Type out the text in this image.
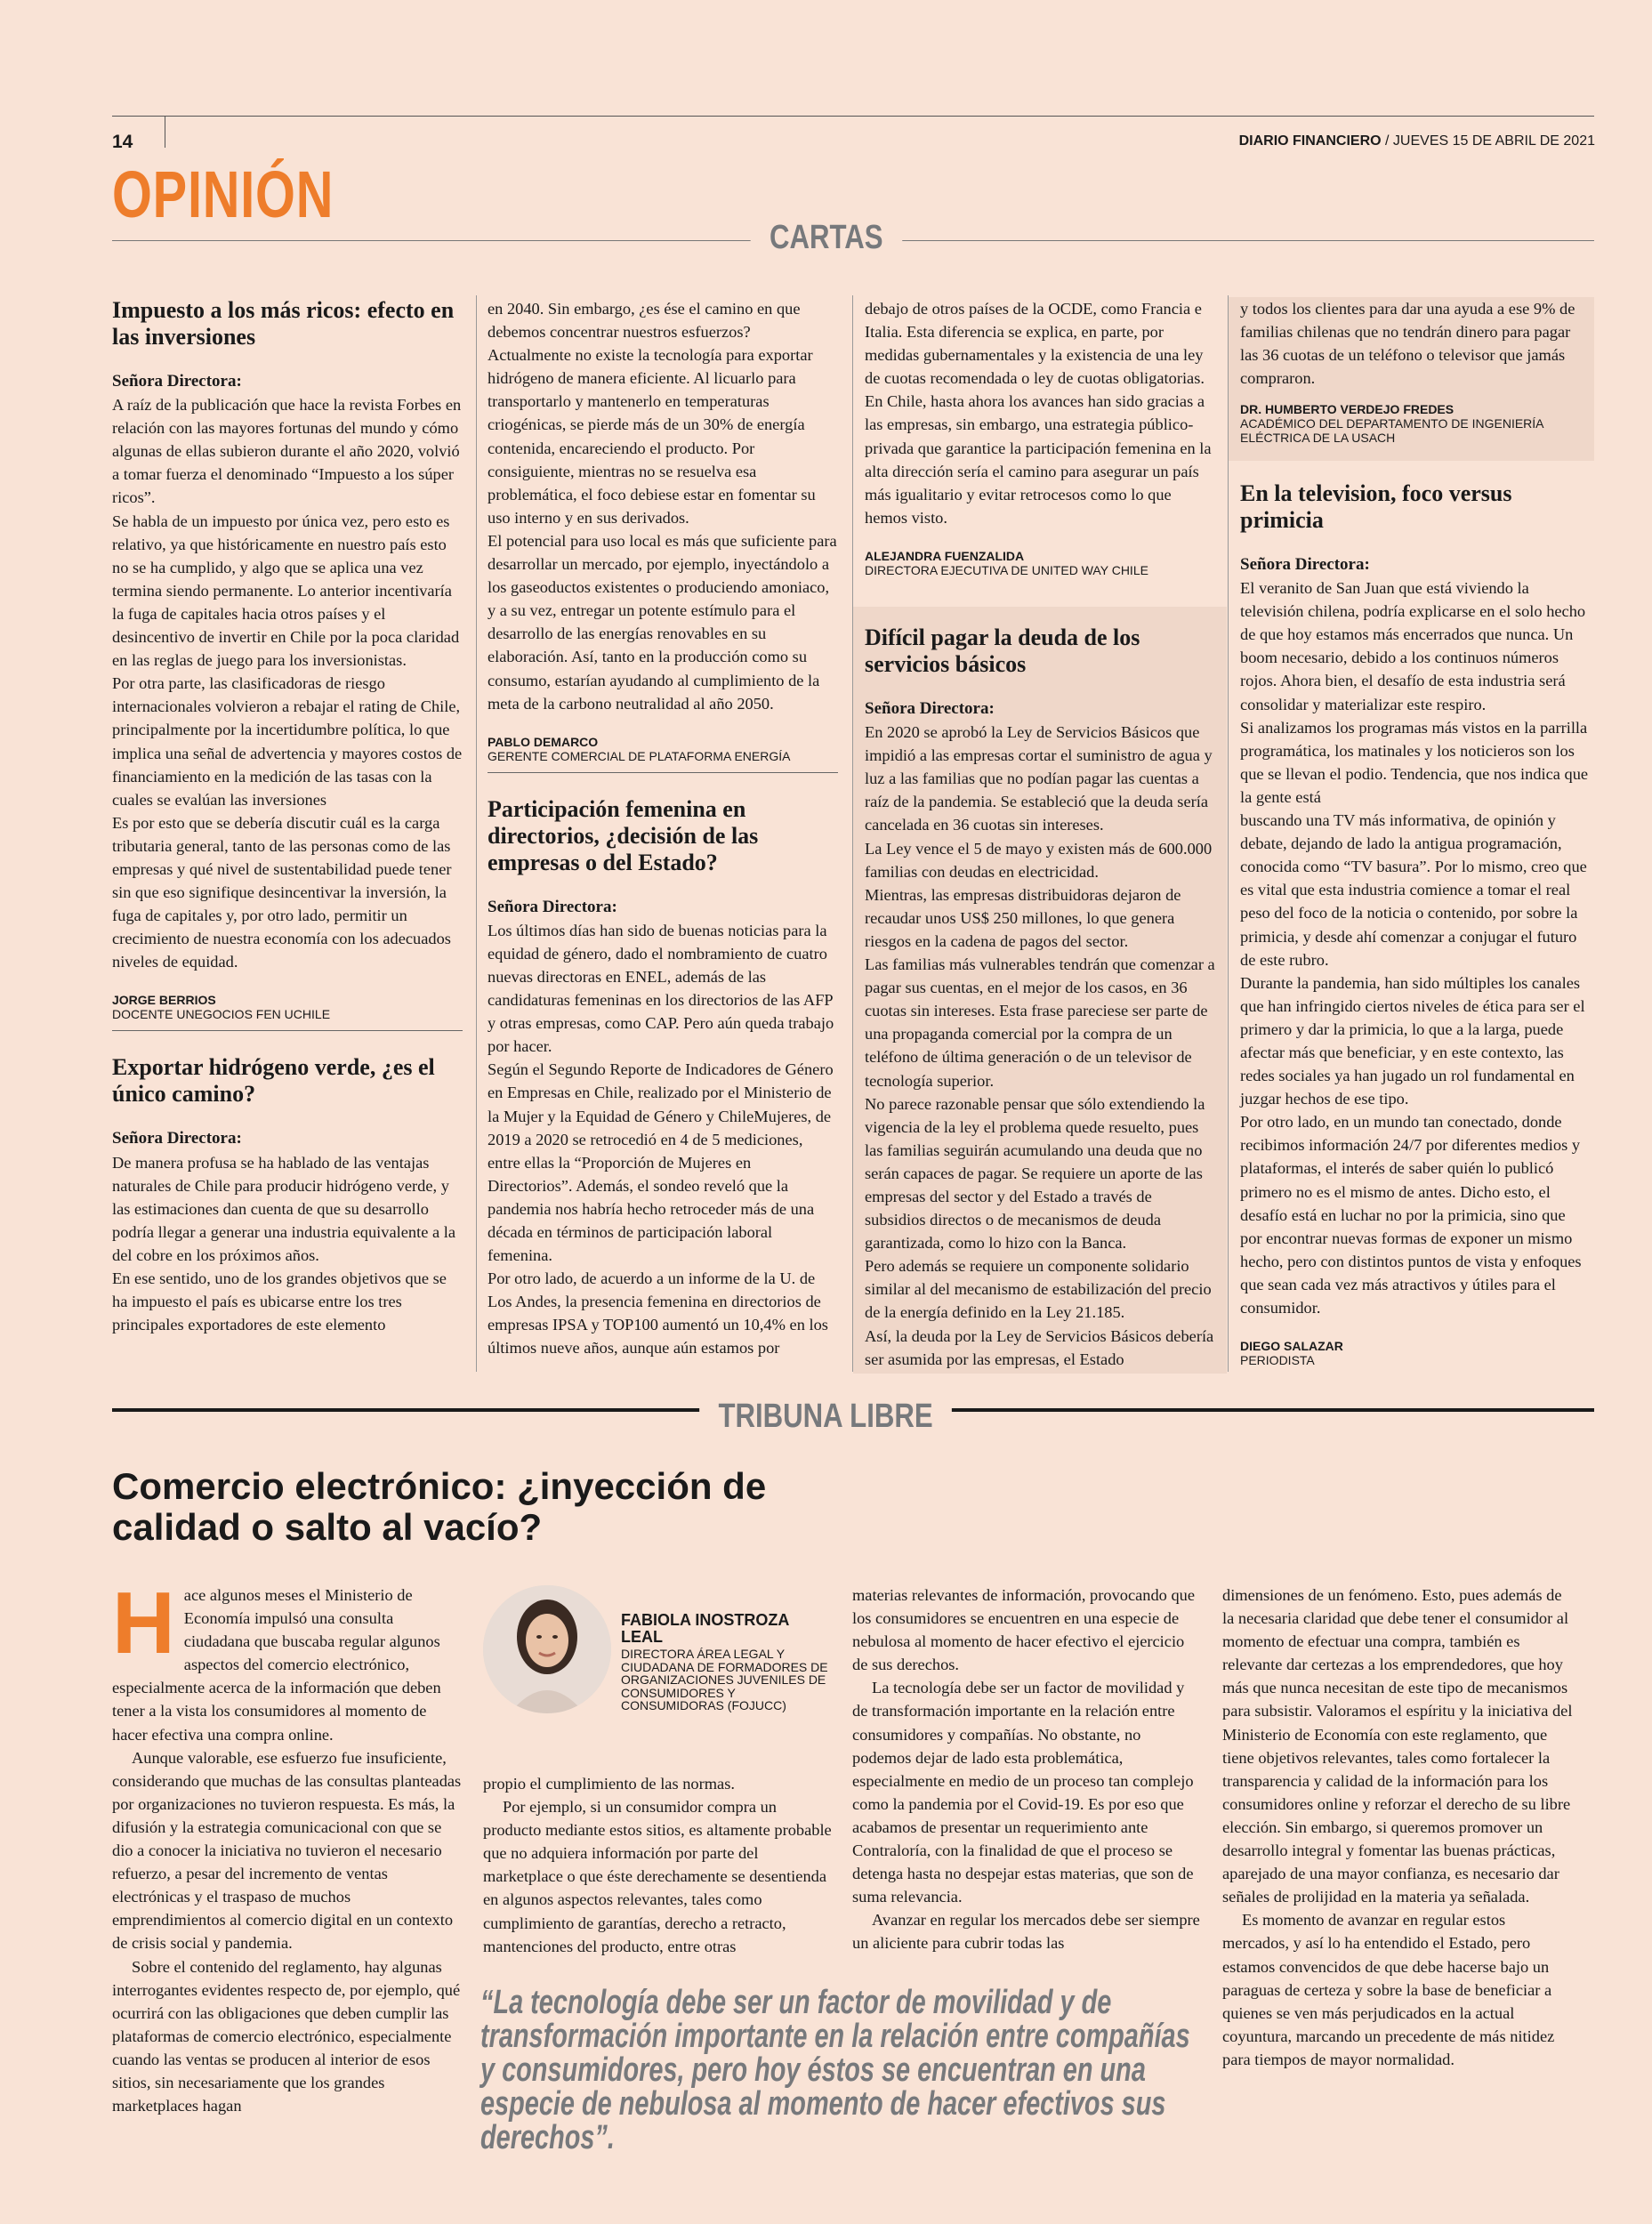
14	DIARIO FINANCIERO / JUEVES 15 DE ABRIL DE 2021
OPINIÓN
CARTAS
Impuesto a los más ricos: efecto en las inversiones
Señora Directora:

A raíz de la publicación que hace la revista Forbes en relación con las mayores fortunas del mundo y cómo algunas de ellas subieron durante el año 2020, volvió a tomar fuerza el denominado “Impuesto a los súper ricos”.

Se habla de un impuesto por única vez, pero esto es relativo, ya que históricamente en nuestro país esto no se ha cumplido, y algo que se aplica una vez termina siendo permanente. Lo anterior incentivaría la fuga de capitales hacia otros países y el desincentivo de invertir en Chile por la poca claridad en las reglas de juego para los inversionistas.

Por otra parte, las clasificadoras de riesgo internacionales volvieron a rebajar el rating de Chile, principalmente por la incertidumbre política, lo que implica una señal de advertencia y mayores costos de financiamiento en la medición de las tasas con la cuales se evalúan las inversiones

Es por esto que se debería discutir cuál es la carga tributaria general, tanto de las personas como de las empresas y qué nivel de sustentabilidad puede tener sin que eso signifique desincentivar la inversión, la fuga de capitales y, por otro lado, permitir un crecimiento de nuestra economía con los adecuados niveles de equidad.

JORGE BERRIOS
DOCENTE UNEGOCIOS FEN UCHILE
Exportar hidrógeno verde, ¿es el único camino?
Señora Directora:

De manera profusa se ha hablado de las ventajas naturales de Chile para producir hidrógeno verde, y las estimaciones dan cuenta de que su desarrollo podría llegar a generar una industria equivalente a la del cobre en los próximos años.

En ese sentido, uno de los grandes objetivos que se ha impuesto el país es ubicarse entre los tres principales exportadores de este elemento

en 2040. Sin embargo, ¿es ése el camino en que debemos concentrar nuestros esfuerzos?

Actualmente no existe la tecnología para exportar hidrógeno de manera eficiente. Al licuarlo para transportarlo y mantenerlo en temperaturas criogénicas, se pierde más de un 30% de energía contenida, encareciendo el producto. Por consiguiente, mientras no se resuelva esa problemática, el foco debiese estar en fomentar su uso interno y en sus derivados.

El potencial para uso local es más que suficiente para desarrollar un mercado, por ejemplo, inyectándolo a los gaseoductos existentes o produciendo amoniaco, y a su vez, entregar un potente estímulo para el desarrollo de las energías renovables en su elaboración. Así, tanto en la producción como su consumo, estarían ayudando al cumplimiento de la meta de la carbono neutralidad al año 2050.

PABLO DEMARCO
GERENTE COMERCIAL DE PLATAFORMA ENERGÍA
Participación femenina en directorios, ¿decisión de las empresas o del Estado?
Señora Directora:

Los últimos días han sido de buenas noticias para la equidad de género, dado el nombramiento de cuatro nuevas directoras en ENEL, además de las candidaturas femeninas en los directorios de las AFP y otras empresas, como CAP. Pero aún queda trabajo por hacer.

Según el Segundo Reporte de Indicadores de Género en Empresas en Chile, realizado por el Ministerio de la Mujer y la Equidad de Género y ChileMujeres, de 2019 a 2020 se retrocedió en 4 de 5 mediciones, entre ellas la “Proporción de Mujeres en Directorios”. Además, el sondeo reveló que la pandemia nos habría hecho retroceder más de una década en términos de participación laboral femenina.

Por otro lado, de acuerdo a un informe de la U. de Los Andes, la presencia femenina en directorios de empresas IPSA y TOP100 aumentó un 10,4% en los últimos nueve años, aunque aún estamos por

debajo de otros países de la OCDE, como Francia e Italia. Esta diferencia se explica, en parte, por medidas gubernamentales y la existencia de una ley de cuotas recomendada o ley de cuotas obligatorias.

En Chile, hasta ahora los avances han sido gracias a las empresas, sin embargo, una estrategia público-privada que garantice la participación femenina en la alta dirección sería el camino para asegurar un país más igualitario y evitar retrocesos como lo que hemos visto.

ALEJANDRA FUENZALIDA
DIRECTORA EJECUTIVA DE UNITED WAY CHILE
Difícil pagar la deuda de los servicios básicos
Señora Directora:

En 2020 se aprobó la Ley de Servicios Básicos que impidió a las empresas cortar el suministro de agua y luz a las familias que no podían pagar las cuentas a raíz de la pandemia. Se estableció que la deuda sería cancelada en 36 cuotas sin intereses.

La Ley vence el 5 de mayo y existen más de 600.000 familias con deudas en electricidad.

Mientras, las empresas distribuidoras dejaron de recaudar unos US$ 250 millones, lo que genera riesgos en la cadena de pagos del sector.

Las familias más vulnerables tendrán que comenzar a pagar sus cuentas, en el mejor de los casos, en 36 cuotas sin intereses. Esta frase pareciese ser parte de una propaganda comercial por la compra de un teléfono de última generación o de un televisor de tecnología superior.

No parece razonable pensar que sólo extendiendo la vigencia de la ley el problema quede resuelto, pues las familias seguirán acumulando una deuda que no serán capaces de pagar. Se requiere un aporte de las empresas del sector y del Estado a través de subsidios directos o de mecanismos de deuda garantizada, como lo hizo con la Banca.

Pero además se requiere un componente solidario similar al del mecanismo de estabilización del precio de la energía definido en la Ley 21.185.

Así, la deuda por la Ley de Servicios Básicos debería ser asumida por las empresas, el Estado

y todos los clientes para dar una ayuda a ese 9% de familias chilenas que no tendrán dinero para pagar las 36 cuotas de un teléfono o televisor que jamás compraron.

DR. HUMBERTO VERDEJO FREDES
ACADÉMICO DEL DEPARTAMENTO DE INGENIERÍA ELÉCTRICA DE LA USACH
En la television, foco versus primicia
Señora Directora:

El veranito de San Juan que está viviendo la televisión chilena, podría explicarse en el solo hecho de que hoy estamos más encerrados que nunca. Un boom necesario, debido a los continuos números rojos. Ahora bien, el desafío de esta industria será consolidar y materializar este respiro.

Si analizamos los programas más vistos en la parrilla programática, los matinales y los noticieros son los que se llevan el podio. Tendencia, que nos indica que la gente está

buscando una TV más informativa, de opinión y debate, dejando de lado la antigua programación, conocida como “TV basura”. Por lo mismo, creo que es vital que esta industria comience a tomar el real peso del foco de la noticia o contenido, por sobre la primicia, y desde ahí comenzar a conjugar el futuro de este rubro.

Durante la pandemia, han sido múltiples los canales que han infringido ciertos niveles de ética para ser el primero y dar la primicia, lo que a la larga, puede afectar más que beneficiar, y en este contexto, las redes sociales ya han jugado un rol fundamental en juzgar hechos de ese tipo.

Por otro lado, en un mundo tan conectado, donde recibimos información 24/7 por diferentes medios y plataformas, el interés de saber quién lo publicó primero no es el mismo de antes. Dicho esto, el desafío está en luchar no por la primicia, sino que por encontrar nuevas formas de exponer un mismo hecho, pero con distintos puntos de vista y enfoques que sean cada vez más atractivos y útiles para el consumidor.

DIEGO SALAZAR
PERIODISTA
TRIBUNA LIBRE
Comercio electrónico: ¿inyección de calidad o salto al vacío?

Hace algunos meses el Ministerio de Economía impulsó una consulta ciudadana que buscaba regular algunos aspectos del comercio electrónico, especialmente acerca de la información que deben tener a la vista los consumidores al momento de hacer efectiva una compra online.

Aunque valorable, ese esfuerzo fue insuficiente, considerando que muchas de las consultas planteadas por organizaciones no tuvieron respuesta. Es más, la difusión y la estrategia comunicacional con que se dio a conocer la iniciativa no tuvieron el necesario refuerzo, a pesar del incremento de ventas electrónicas y el traspaso de muchos emprendimientos al comercio digital en un contexto de crisis social y pandemia.

Sobre el contenido del reglamento, hay algunas interrogantes evidentes respecto de, por ejemplo, qué ocurrirá con las obligaciones que deben cumplir las plataformas de comercio electrónico, especialmente cuando las ventas se producen al interior de esos sitios, sin necesariamente que los grandes marketplaces hagan

FABIOLA INOSTROZA LEAL
DIRECTORA ÁREA LEGAL Y CIUDADANA DE FORMADORES DE ORGANIZACIONES JUVENILES DE CONSUMIDORES Y CONSUMIDORAS (FOJUCC)

propio el cumplimiento de las normas.

Por ejemplo, si un consumidor compra un producto mediante estos sitios, es altamente probable que no adquiera información por parte del marketplace o que éste derechamente se desentienda en algunos aspectos relevantes, tales como cumplimiento de garantías, derecho a retracto, mantenciones del producto, entre otras

materias relevantes de información, provocando que los consumidores se encuentren en una especie de nebulosa al momento de hacer efectivo el ejercicio de sus derechos.

La tecnología debe ser un factor de movilidad y de transformación importante en la relación entre consumidores y compañías. No obstante, no podemos dejar de lado esta problemática, especialmente en medio de un proceso tan complejo como la pandemia por el Covid-19. Es por eso que acabamos de presentar un requerimiento ante Contraloría, con la finalidad de que el proceso se detenga hasta no despejar estas materias, que son de suma relevancia.

Avanzar en regular los mercados debe ser siempre un aliciente para cubrir todas las

dimensiones de un fenómeno. Esto, pues además de la necesaria claridad que debe tener el consumidor al momento de efectuar una compra, también es relevante dar certezas a los emprendedores, que hoy más que nunca necesitan de este tipo de mecanismos para subsistir. Valoramos el espíritu y la iniciativa del Ministerio de Economía con este reglamento, que tiene objetivos relevantes, tales como fortalecer la transparencia y calidad de la información para los consumidores online y reforzar el derecho de su libre elección. Sin embargo, si queremos promover un desarrollo integral y fomentar las buenas prácticas, aparejado de una mayor confianza, es necesario dar señales de prolijidad en la materia ya señalada.

Es momento de avanzar en regular estos mercados, y así lo ha entendido el Estado, pero estamos convencidos de que debe hacerse bajo un paraguas de certeza y sobre la base de beneficiar a quienes se ven más perjudicados en la actual coyuntura, marcando un precedente de más nitidez para tiempos de mayor normalidad.

“La tecnología debe ser un factor de movilidad y de transformación importante en la relación entre compañías y consumidores, pero hoy éstos se encuentran en una especie de nebulosa al momento de hacer efectivos sus derechos”.
